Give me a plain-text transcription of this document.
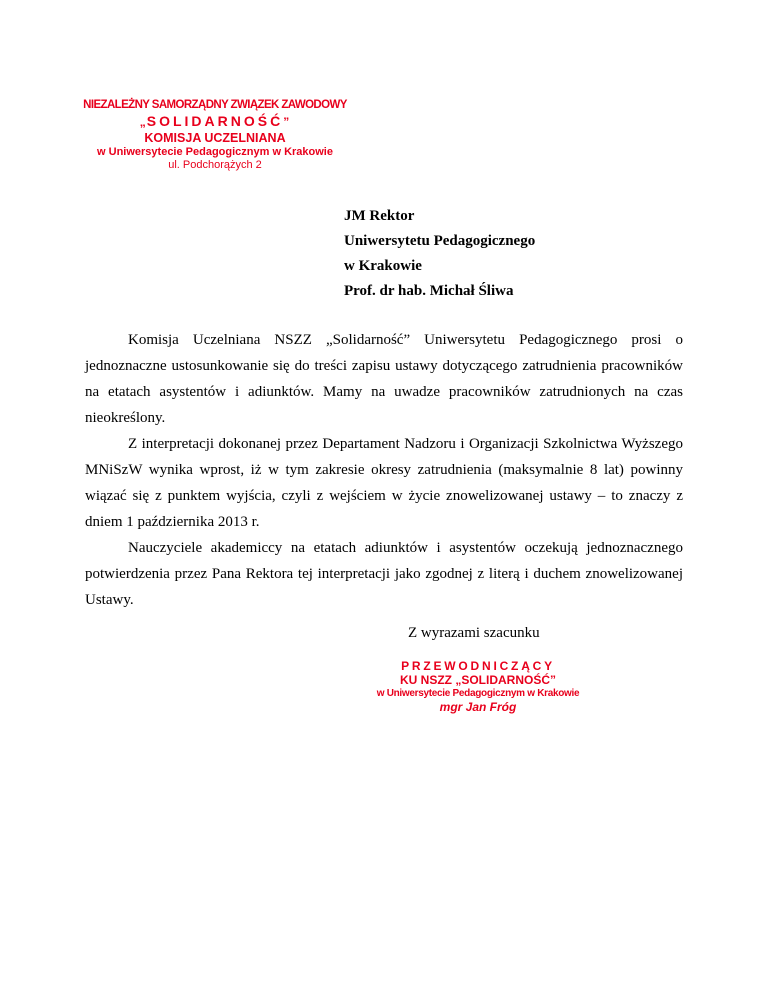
NIEZALEŻNY SAMORZĄDNY ZWIĄZEK ZAWODOWY
„SOLIDARNOŚĆ”
KOMISJA UCZELNIANA
w Uniwersytecie Pedagogicznym w Krakowie
ul. Podchorążych 2
JM Rektor
Uniwersytetu Pedagogicznego
w Krakowie
Prof. dr hab. Michał Śliwa

Komisja Uczelniana NSZZ „Solidarność” Uniwersytetu Pedagogicznego prosi o jednoznaczne ustosunkowanie się do treści zapisu ustawy dotyczącego zatrudnienia pracowników na etatach asystentów i adiunktów. Mamy na uwadze pracowników zatrudnionych na czas nieokreślony.

Z interpretacji dokonanej przez Departament Nadzoru i Organizacji Szkolnictwa Wyższego MNiSzW wynika wprost, iż w tym zakresie okresy zatrudnienia (maksymalnie 8 lat) powinny wiązać się z punktem wyjścia, czyli z wejściem w życie znowelizowanej ustawy – to znaczy z dniem 1 października 2013 r.

Nauczyciele akademiccy na etatach adiunktów i asystentów oczekują jednoznacznego potwierdzenia przez Pana Rektora tej interpretacji jako zgodnej z literą i duchem znowelizowanej Ustawy.

Z wyrazami szacunku
PRZEWODNICZĄCY
KU NSZZ „SOLIDARNOŚĆ”
w Uniwersytecie Pedagogicznym w Krakowie
mgr Jan Fróg
